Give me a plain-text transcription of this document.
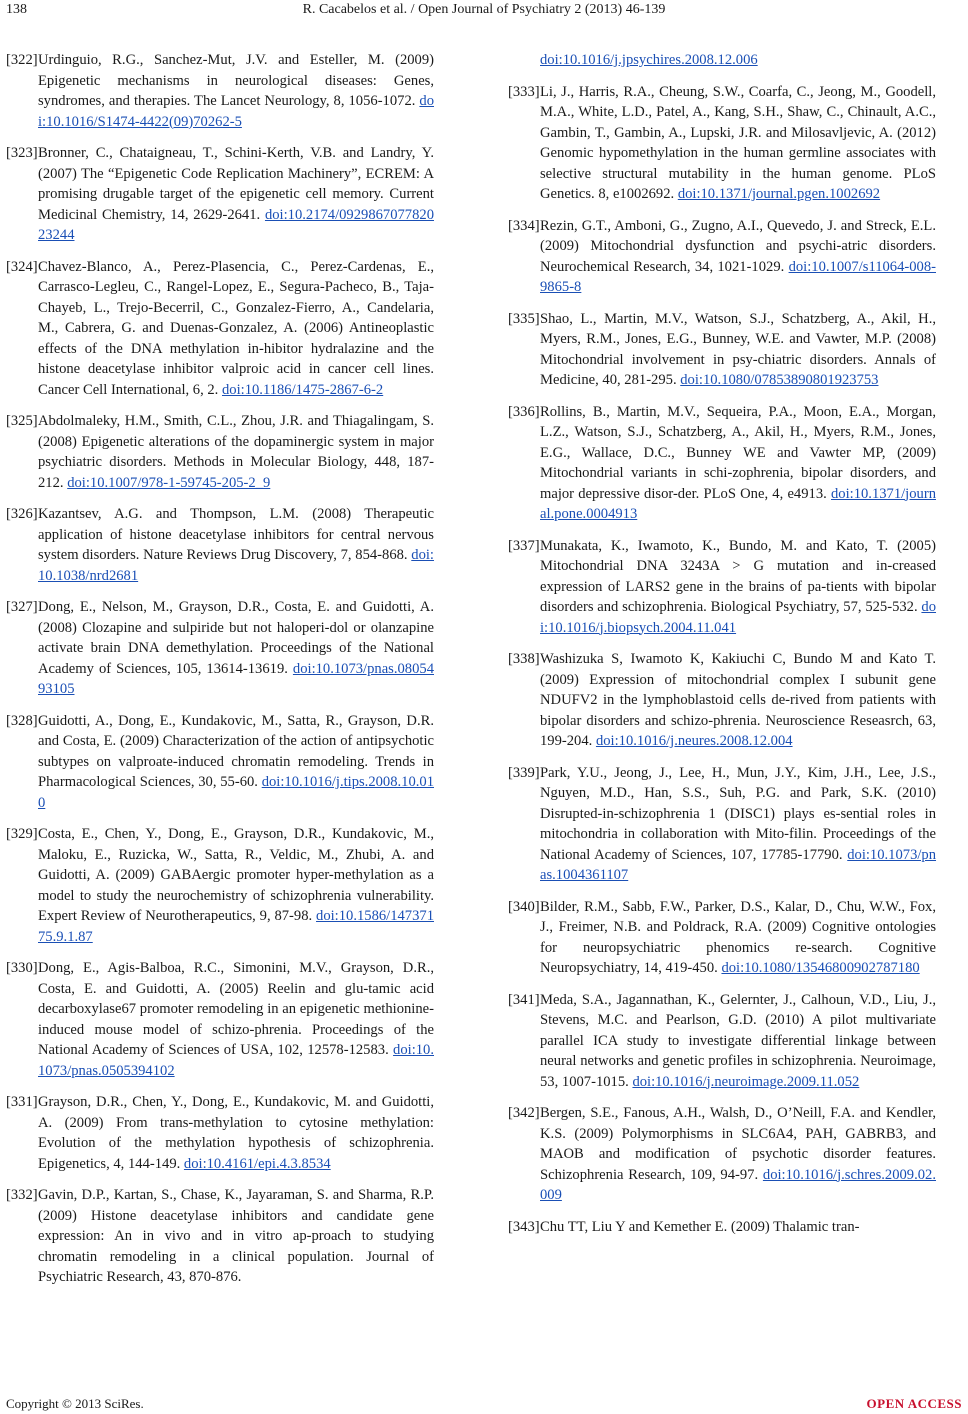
138	R. Cacabelos et al. / Open Journal of Psychiatry 2 (2013) 46-139
[322] Urdinguio, R.G., Sanchez-Mut, J.V. and Esteller, M. (2009) Epigenetic mechanisms in neurological diseases: Genes, syndromes, and therapies. The Lancet Neurology, 8, 1056-1072. doi:10.1016/S1474-4422(09)70262-5
[323] Bronner, C., Chataigneau, T., Schini-Kerth, V.B. and Landry, Y. (2007) The “Epigenetic Code Replication Machinery”, ECREM: A promising drugable target of the epigenetic cell memory. Current Medicinal Chemistry, 14, 2629-2641. doi:10.2174/092986707782023244
[324] Chavez-Blanco, A., Perez-Plasencia, C., Perez-Cardenas, E., Carrasco-Legleu, C., Rangel-Lopez, E., Segura-Pacheco, B., Taja-Chayeb, L., Trejo-Becerril, C., Gonzalez-Fierro, A., Candelaria, M., Cabrera, G. and Duenas-Gonzalez, A. (2006) Antineoplastic effects of the DNA methylation in-hibitor hydralazine and the histone deacetylase inhibitor valproic acid in cancer cell lines. Cancer Cell International, 6, 2. doi:10.1186/1475-2867-6-2
[325] Abdolmaleky, H.M., Smith, C.L., Zhou, J.R. and Thiagalingam, S. (2008) Epigenetic alterations of the dopaminergic system in major psychiatric disorders. Methods in Molecular Biology, 448, 187-212. doi:10.1007/978-1-59745-205-2_9
[326] Kazantsev, A.G. and Thompson, L.M. (2008) Therapeutic application of histone deacetylase inhibitors for central nervous system disorders. Nature Reviews Drug Discovery, 7, 854-868. doi:10.1038/nrd2681
[327] Dong, E., Nelson, M., Grayson, D.R., Costa, E. and Guidotti, A. (2008) Clozapine and sulpiride but not haloperi-dol or olanzapine activate brain DNA demethylation. Proceedings of the National Academy of Sciences, 105, 13614-13619. doi:10.1073/pnas.0805493105
[328] Guidotti, A., Dong, E., Kundakovic, M., Satta, R., Grayson, D.R. and Costa, E. (2009) Characterization of the action of antipsychotic subtypes on valproate-induced chromatin remodeling. Trends in Pharmacological Sciences, 30, 55-60. doi:10.1016/j.tips.2008.10.010
[329] Costa, E., Chen, Y., Dong, E., Grayson, D.R., Kundakovic, M., Maloku, E., Ruzicka, W., Satta, R., Veldic, M., Zhubi, A. and Guidotti, A. (2009) GABAergic promoter hyper-methylation as a model to study the neurochemistry of schizophrenia vulnerability. Expert Review of Neurotherapeutics, 9, 87-98. doi:10.1586/14737175.9.1.87
[330] Dong, E., Agis-Balboa, R.C., Simonini, M.V., Grayson, D.R., Costa, E. and Guidotti, A. (2005) Reelin and glu-tamic acid decarboxylase67 promoter remodeling in an epigenetic methionine-induced mouse model of schizo-phrenia. Proceedings of the National Academy of Sciences of USA, 102, 12578-12583. doi:10.1073/pnas.0505394102
[331] Grayson, D.R., Chen, Y., Dong, E., Kundakovic, M. and Guidotti, A. (2009) From trans-methylation to cytosine methylation: Evolution of the methylation hypothesis of schizophrenia. Epigenetics, 4, 144-149. doi:10.4161/epi.4.3.8534
[332] Gavin, D.P., Kartan, S., Chase, K., Jayaraman, S. and Sharma, R.P. (2009) Histone deacetylase inhibitors and candidate gene expression: An in vivo and in vitro ap-proach to studying chromatin remodeling in a clinical population. Journal of Psychiatric Research, 43, 870-876.
doi:10.1016/j.jpsychires.2008.12.006
[333] Li, J., Harris, R.A., Cheung, S.W., Coarfa, C., Jeong, M., Goodell, M.A., White, L.D., Patel, A., Kang, S.H., Shaw, C., Chinault, A.C., Gambin, T., Gambin, A., Lupski, J.R. and Milosavljevic, A. (2012) Genomic hypomethylation in the human germline associates with selective structural mutability in the human genome. PLoS Genetics. 8, e1002692. doi:10.1371/journal.pgen.1002692
[334] Rezin, G.T., Amboni, G., Zugno, A.I., Quevedo, J. and Streck, E.L. (2009) Mitochondrial dysfunction and psychi-atric disorders. Neurochemical Research, 34, 1021-1029. doi:10.1007/s11064-008-9865-8
[335] Shao, L., Martin, M.V., Watson, S.J., Schatzberg, A., Akil, H., Myers, R.M., Jones, E.G., Bunney, W.E. and Vawter, M.P. (2008) Mitochondrial involvement in psy-chiatric disorders. Annals of Medicine, 40, 281-295. doi:10.1080/07853890801923753
[336] Rollins, B., Martin, M.V., Sequeira, P.A., Moon, E.A., Morgan, L.Z., Watson, S.J., Schatzberg, A., Akil, H., Myers, R.M., Jones, E.G., Wallace, D.C., Bunney WE and Vawter MP, (2009) Mitochondrial variants in schi-zophrenia, bipolar disorders, and major depressive disor-der. PLoS One, 4, e4913. doi:10.1371/journal.pone.0004913
[337] Munakata, K., Iwamoto, K., Bundo, M. and Kato, T. (2005) Mitochondrial DNA 3243A > G mutation and in-creased expression of LARS2 gene in the brains of pa-tients with bipolar disorders and schizophrenia. Biological Psychiatry, 57, 525-532. doi:10.1016/j.biopsych.2004.11.041
[338] Washizuka S, Iwamoto K, Kakiuchi C, Bundo M and Kato T. (2009) Expression of mitochondrial complex I subunit gene NDUFV2 in the lymphoblastoid cells de-rived from patients with bipolar disorders and schizo-phrenia. Neuroscience Reseasrch, 63, 199-204. doi:10.1016/j.neures.2008.12.004
[339] Park, Y.U., Jeong, J., Lee, H., Mun, J.Y., Kim, J.H., Lee, J.S., Nguyen, M.D., Han, S.S., Suh, P.G. and Park, S.K. (2010) Disrupted-in-schizophrenia 1 (DISC1) plays es-sential roles in mitochondria in collaboration with Mito-filin. Proceedings of the National Academy of Sciences, 107, 17785-17790. doi:10.1073/pnas.1004361107
[340] Bilder, R.M., Sabb, F.W., Parker, D.S., Kalar, D., Chu, W.W., Fox, J., Freimer, N.B. and Poldrack, R.A. (2009) Cognitive ontologies for neuropsychiatric phenomics re-search. Cognitive Neuropsychiatry, 14, 419-450. doi:10.1080/13546800902787180
[341] Meda, S.A., Jagannathan, K., Gelernter, J., Calhoun, V.D., Liu, J., Stevens, M.C. and Pearlson, G.D. (2010) A pilot multivariate parallel ICA study to investigate differential linkage between neural networks and genetic profiles in schizophrenia. Neuroimage, 53, 1007-1015. doi:10.1016/j.neuroimage.2009.11.052
[342] Bergen, S.E., Fanous, A.H., Walsh, D., O’Neill, F.A. and Kendler, K.S. (2009) Polymorphisms in SLC6A4, PAH, GABRB3, and MAOB and modification of psychotic disorder features. Schizophrenia Research, 109, 94-97. doi:10.1016/j.schres.2009.02.009
[343] Chu TT, Liu Y and Kemether E. (2009) Thalamic tran-
Copyright © 2013 SciRes.	OPEN ACCESS
